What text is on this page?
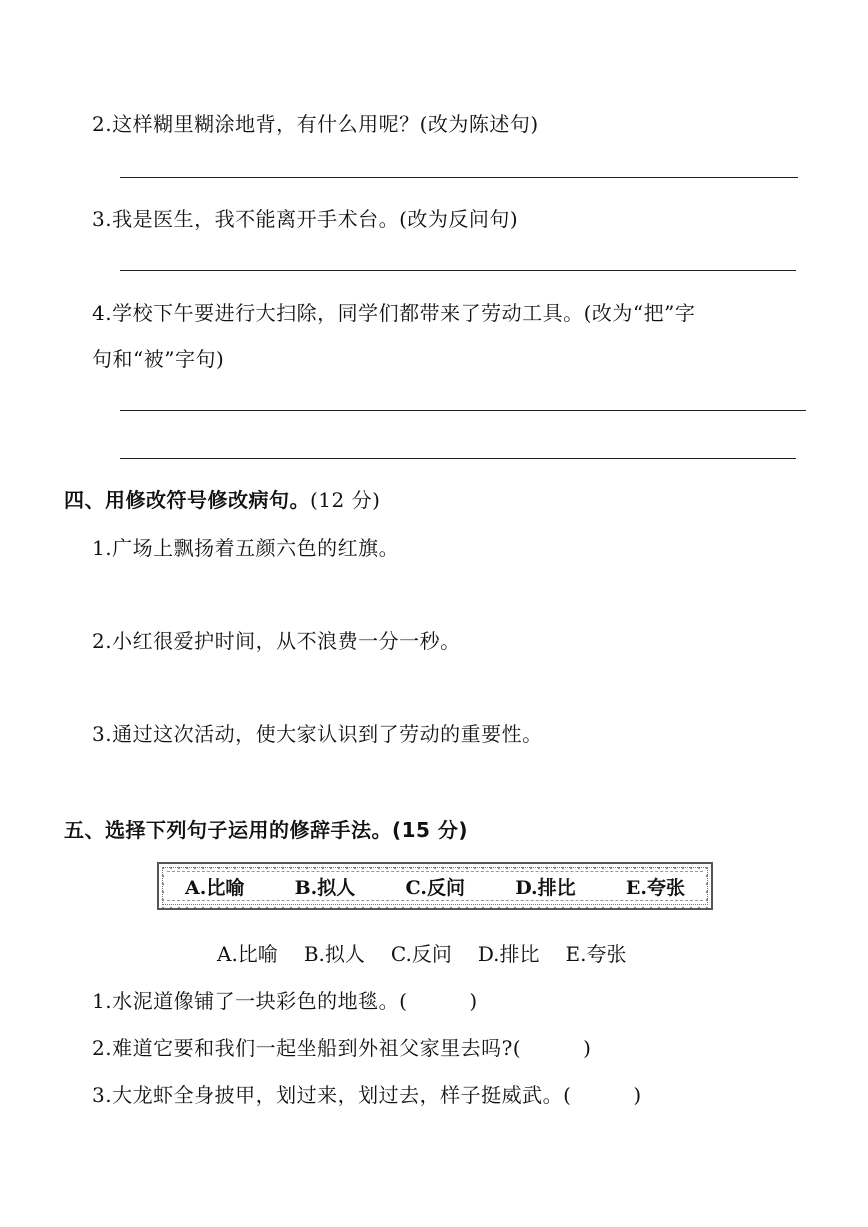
2.这样糊里糊涂地背，有什么用呢？(改为陈述句)
3.我是医生，我不能离开手术台。(改为反问句)
4.学校下午要进行大扫除，同学们都带来了劳动工具。(改为“把”字
句和“被”字句)
四、用修改符号修改病句。(12 分)
1.广场上飘扬着五颜六色的红旗。
2.小红很爱护时间，从不浪费一分一秒。
3.通过这次活动，使大家认识到了劳动的重要性。
五、选择下列句子运用的修辞手法。(15 分)
A.比喻	B.拟人	C.反问	D.排比	E.夸张
A.比喻 B.拟人 C.反问 D.排比 E.夸张
1.水泥道像铺了一块彩色的地毯。(	)
2.难道它要和我们一起坐船到外祖父家里去吗?(	)
3.大龙虾全身披甲，划过来，划过去，样子挺威武。(	)
